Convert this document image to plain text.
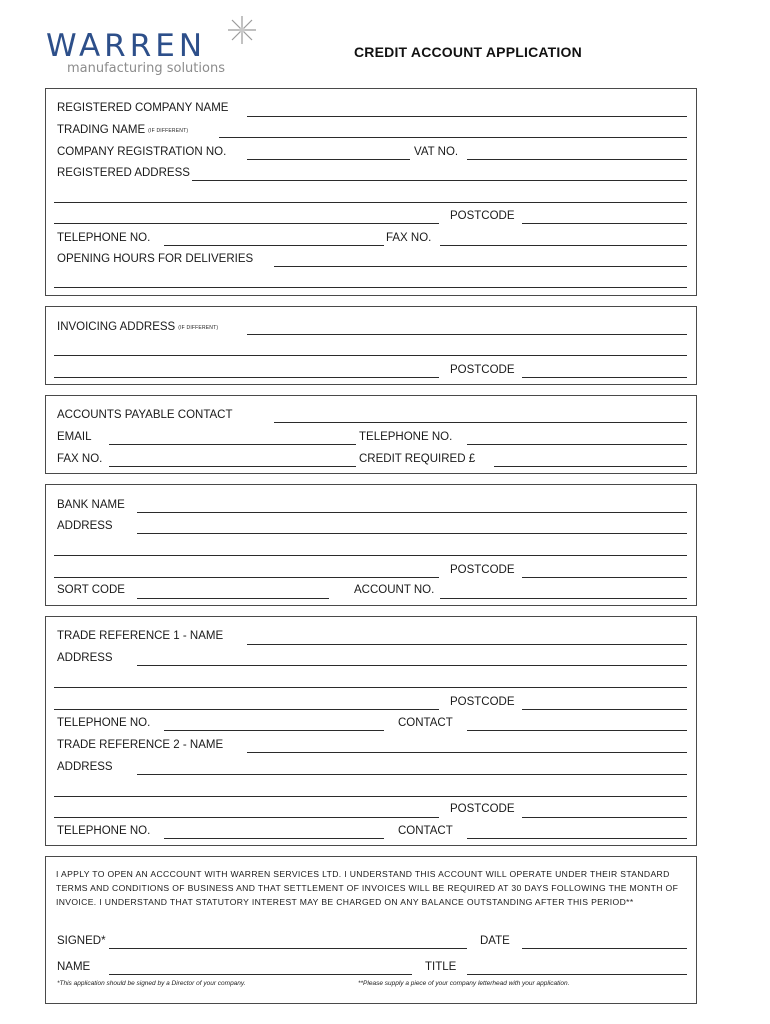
WARREN
manufacturing solutions
CREDIT ACCOUNT APPLICATION
REGISTERED COMPANY NAME
TRADING NAME (IF DIFFERENT)
COMPANY REGISTRATION NO.	VAT NO.
REGISTERED ADDRESS
POSTCODE
TELEPHONE NO.	FAX NO.
OPENING HOURS FOR DELIVERIES
INVOICING ADDRESS (IF DIFFERENT)
POSTCODE
ACCOUNTS PAYABLE CONTACT
EMAIL	TELEPHONE NO.
FAX NO.	CREDIT REQUIRED £
BANK NAME
ADDRESS
POSTCODE
SORT CODE	ACCOUNT NO.
TRADE REFERENCE 1 - NAME
ADDRESS
POSTCODE
TELEPHONE NO.	CONTACT
TRADE REFERENCE 2 - NAME
ADDRESS
POSTCODE
TELEPHONE NO.	CONTACT
I APPLY TO OPEN AN ACCCOUNT WITH WARREN SERVICES LTD. I UNDERSTAND THIS ACCOUNT WILL OPERATE UNDER THEIR STANDARD TERMS AND CONDITIONS OF BUSINESS AND THAT SETTLEMENT OF INVOICES WILL BE REQUIRED AT 30 DAYS FOLLOWING THE MONTH OF INVOICE. I UNDERSTAND THAT STATUTORY INTEREST MAY BE CHARGED ON ANY BALANCE OUTSTANDING AFTER THIS PERIOD**
SIGNED*	DATE
NAME	TITLE
*This application should be signed by a Director of your company.	**Please supply a piece of your company letterhead with your application.
